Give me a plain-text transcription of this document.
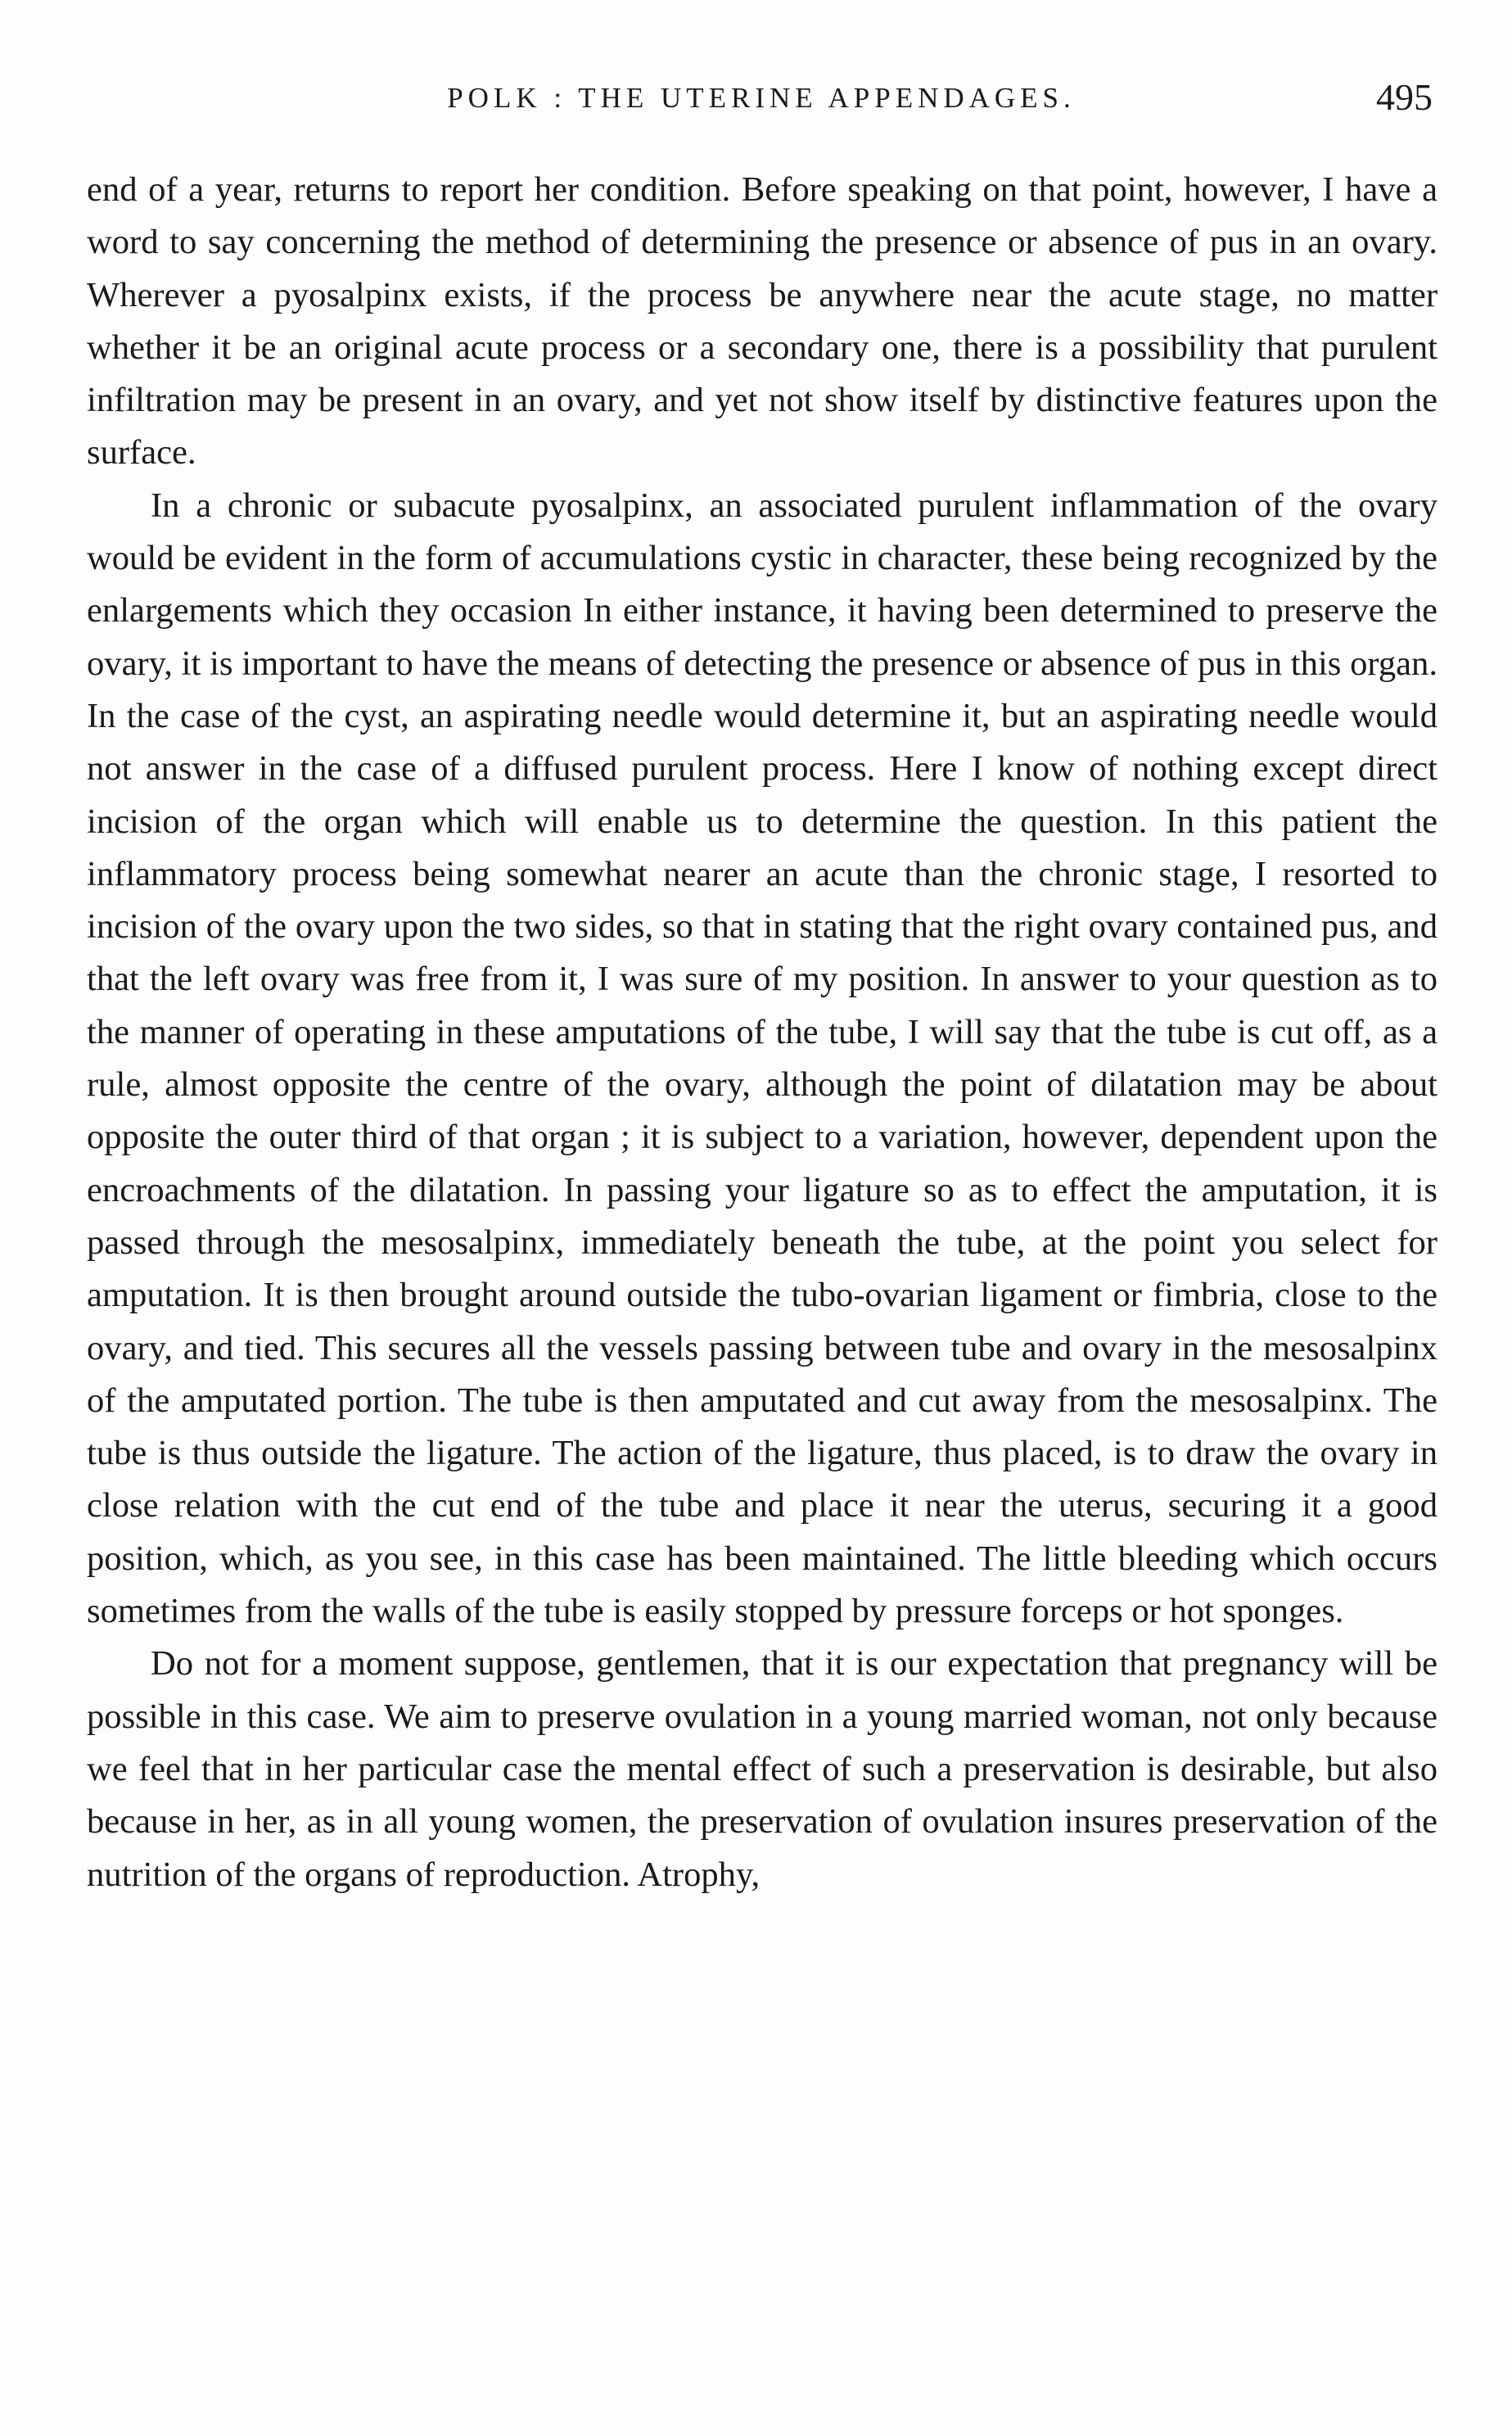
POLK : THE UTERINE APPENDAGES.	495

end of a year, returns to report her condition. Before speaking on that point, however, I have a word to say concerning the method of determining the presence or absence of pus in an ovary. Wherever a pyosalpinx exists, if the process be anywhere near the acute stage, no matter whether it be an original acute process or a secondary one, there is a possibility that purulent infiltration may be present in an ovary, and yet not show itself by distinctive features upon the surface.

In a chronic or subacute pyosalpinx, an associated purulent inflammation of the ovary would be evident in the form of accumulations cystic in character, these being recognized by the enlargements which they occasion In either instance, it having been determined to preserve the ovary, it is important to have the means of detecting the presence or absence of pus in this organ. In the case of the cyst, an aspirating needle would determine it, but an aspirating needle would not answer in the case of a diffused purulent process. Here I know of nothing except direct incision of the organ which will enable us to determine the question. In this patient the inflammatory process being somewhat nearer an acute than the chronic stage, I resorted to incision of the ovary upon the two sides, so that in stating that the right ovary contained pus, and that the left ovary was free from it, I was sure of my position. In answer to your question as to the manner of operating in these amputations of the tube, I will say that the tube is cut off, as a rule, almost opposite the centre of the ovary, although the point of dilatation may be about opposite the outer third of that organ ; it is subject to a variation, however, dependent upon the encroachments of the dilatation. In passing your ligature so as to effect the amputation, it is passed through the mesosalpinx, immediately beneath the tube, at the point you select for amputation. It is then brought around outside the tubo-ovarian ligament or fimbria, close to the ovary, and tied. This secures all the vessels passing between tube and ovary in the mesosalpinx of the amputated portion. The tube is then amputated and cut away from the mesosalpinx. The tube is thus outside the ligature. The action of the ligature, thus placed, is to draw the ovary in close relation with the cut end of the tube and place it near the uterus, securing it a good position, which, as you see, in this case has been maintained. The little bleeding which occurs sometimes from the walls of the tube is easily stopped by pressure forceps or hot sponges.

Do not for a moment suppose, gentlemen, that it is our expectation that pregnancy will be possible in this case. We aim to preserve ovulation in a young married woman, not only because we feel that in her particular case the mental effect of such a preservation is desirable, but also because in her, as in all young women, the preservation of ovulation insures preservation of the nutrition of the organs of reproduction. Atrophy,
